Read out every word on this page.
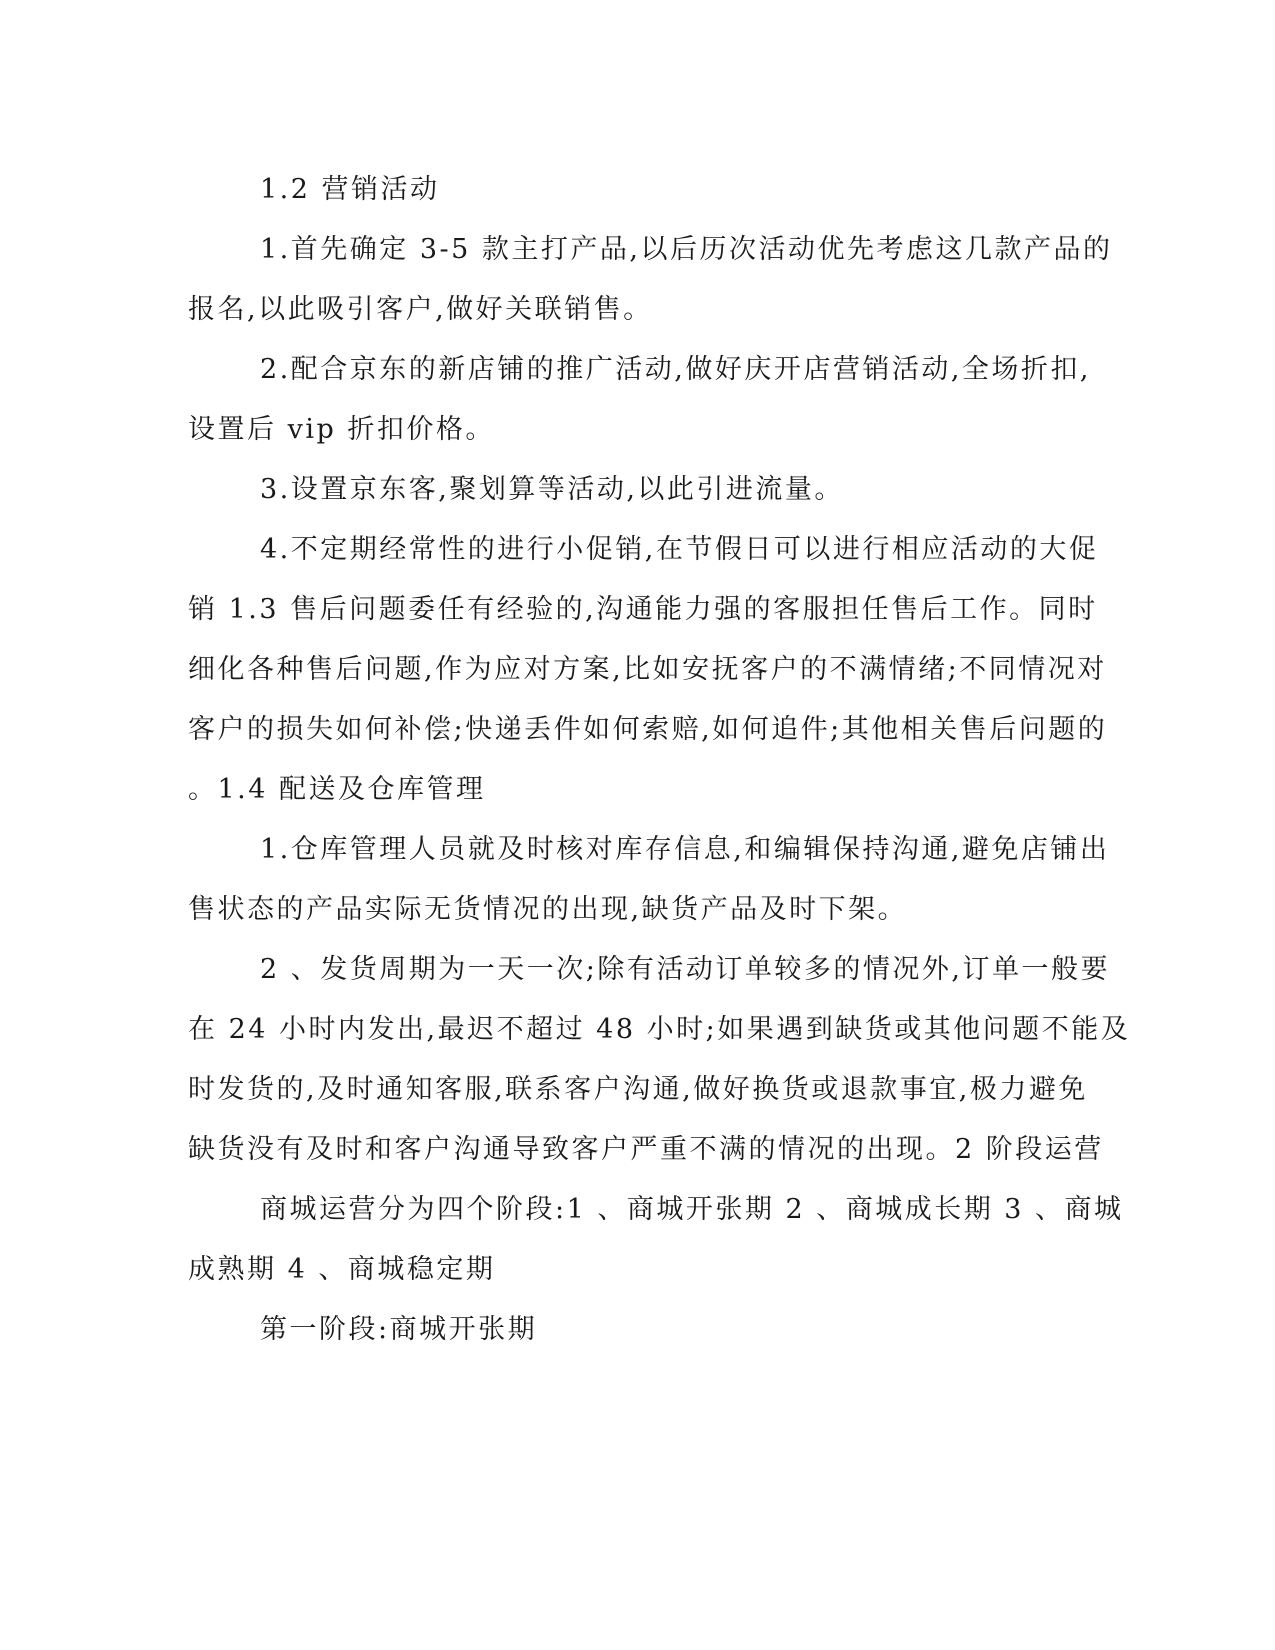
1.2 营销活动
1.首先确定 3-5 款主打产品,以后历次活动优先考虑这几款产品的
报名,以此吸引客户,做好关联销售。
2.配合京东的新店铺的推广活动,做好庆开店营销活动,全场折扣,
设置后 vip 折扣价格。
3.设置京东客,聚划算等活动,以此引进流量。
4.不定期经常性的进行小促销,在节假日可以进行相应活动的大促
销 1.3 售后问题委任有经验的,沟通能力强的客服担任售后工作。同时
细化各种售后问题,作为应对方案,比如安抚客户的不满情绪;不同情况对
客户的损失如何补偿;快递丢件如何索赔,如何追件;其他相关售后问题的
。1.4 配送及仓库管理
1.仓库管理人员就及时核对库存信息,和编辑保持沟通,避免店铺出
售状态的产品实际无货情况的出现,缺货产品及时下架。
2 、发货周期为一天一次;除有活动订单较多的情况外,订单一般要
在 24 小时内发出,最迟不超过 48 小时;如果遇到缺货或其他问题不能及
时发货的,及时通知客服,联系客户沟通,做好换货或退款事宜,极力避免
缺货没有及时和客户沟通导致客户严重不满的情况的出现。2 阶段运营
商城运营分为四个阶段:1 、商城开张期 2 、商城成长期 3 、商城
成熟期 4 、商城稳定期
第一阶段:商城开张期
